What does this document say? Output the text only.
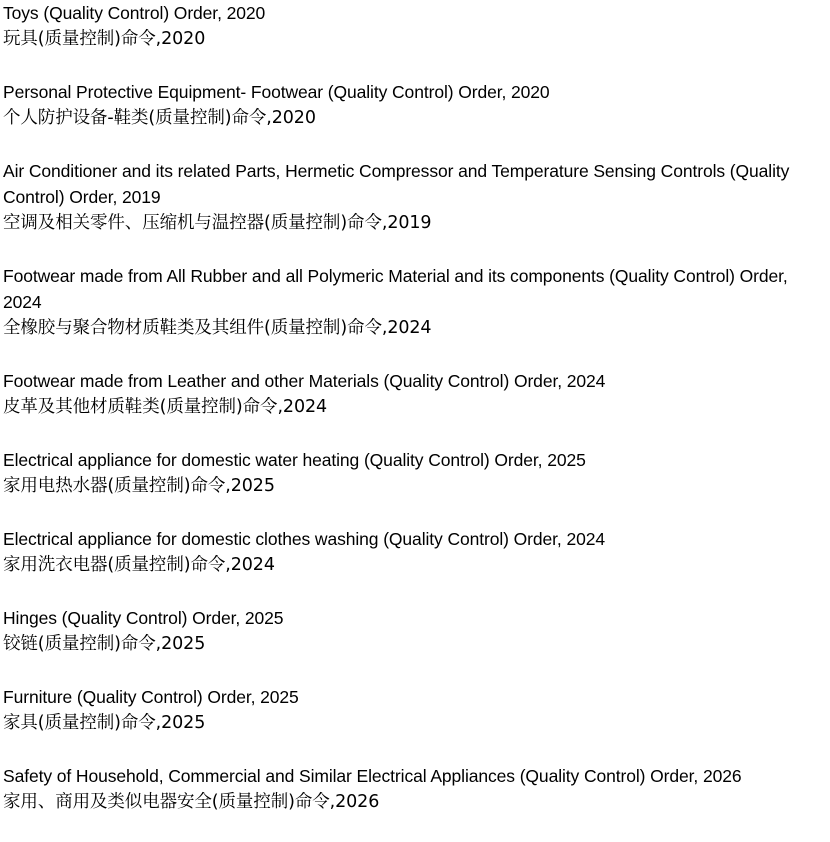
Toys (Quality Control) Order, 2020
玩具(质量控制)命令,2020
Personal Protective Equipment- Footwear (Quality Control) Order, 2020
个人防护设备-鞋类(质量控制)命令,2020
Air Conditioner and its related Parts, Hermetic Compressor and Temperature Sensing Controls (Quality Control) Order, 2019
空调及相关零件、压缩机与温控器(质量控制)命令,2019
Footwear made from All Rubber and all Polymeric Material and its components (Quality Control) Order, 2024
全橡胶与聚合物材质鞋类及其组件(质量控制)命令,2024
Footwear made from Leather and other Materials (Quality Control) Order, 2024
皮革及其他材质鞋类(质量控制)命令,2024
Electrical appliance for domestic water heating (Quality Control) Order, 2025
家用电热水器(质量控制)命令,2025
Electrical appliance for domestic clothes washing (Quality Control) Order, 2024
家用洗衣电器(质量控制)命令,2024
Hinges (Quality Control) Order, 2025
铰链(质量控制)命令,2025
Furniture (Quality Control) Order, 2025
家具(质量控制)命令,2025
Safety of Household, Commercial and Similar Electrical Appliances (Quality Control) Order, 2026
家用、商用及类似电器安全(质量控制)命令,2026
